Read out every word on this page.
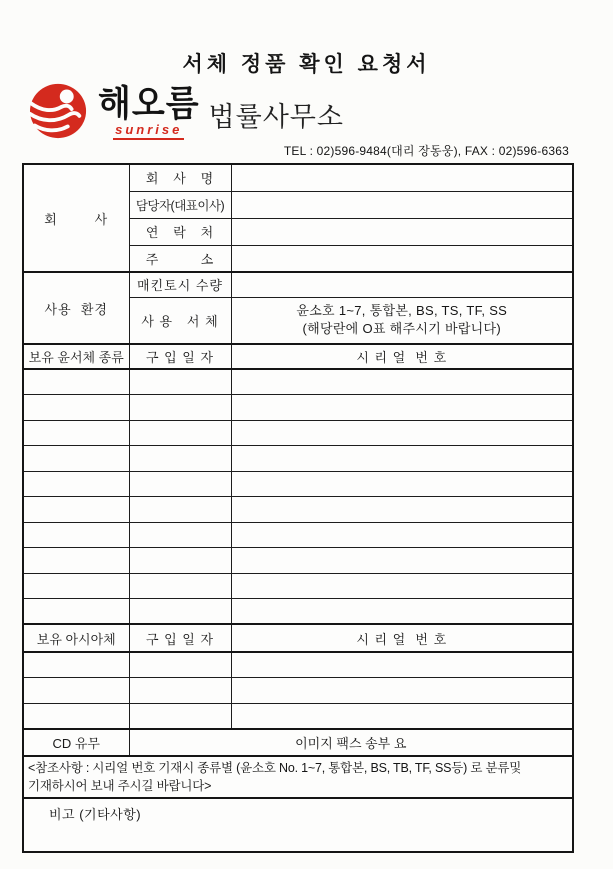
서체 정품 확인 요청서
해오름
sunrise 법률사무소
TEL : 02)596-9484(대리 장동웅), FAX : 02)596-6363
회        사	회   사   명	
	담당자(대표이사)	
	연   락   처	
	주         소	
사용  환경	매킨토시 수량	
	사 용   서 체	윤소호 1~7, 통합본, BS, TS, TF, SS
(해당란에 O표 해주시기 바랍니다)

보유 윤서체 종류	구 입 일 자	시 리 얼  번 호

보유 아시아체	구 입 일 자	시 리 얼  번 호

CD 유무	이미지 팩스 송부 요	

<참조사항 : 시리얼 번호 기재시 종류별 (윤소호 No. 1~7, 통합본, BS, TB, TF, SS등) 로 분류및
기재하시어 보내 주시길 바랍니다>		

비고 (기타사항)		
